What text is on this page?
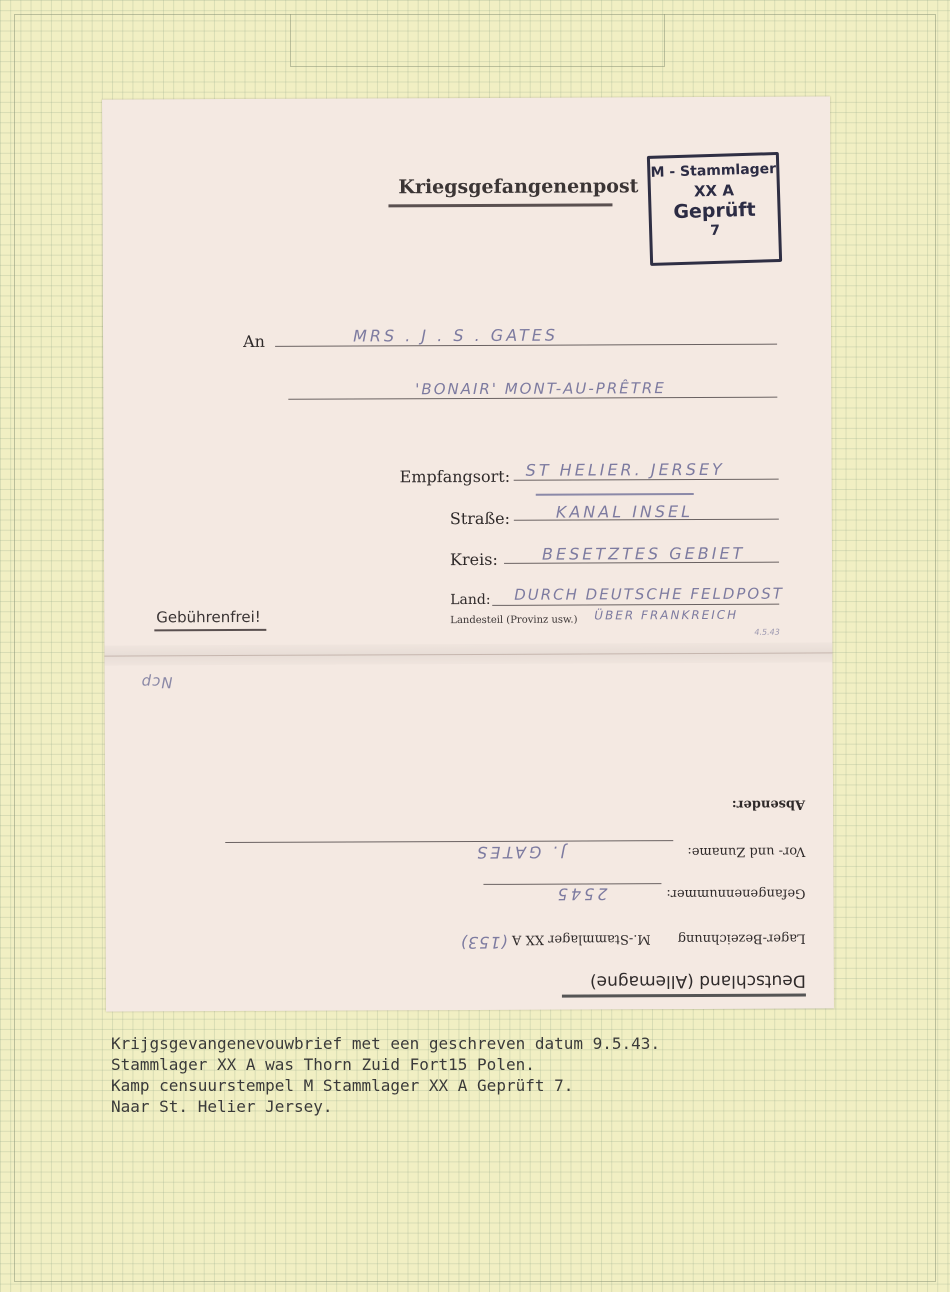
Kriegsgefangenenpost
M - Stammlager
XX A
Geprüft
7
An	MRS . J . S . GATES
'BONAIR' MONT-AU-PRÊTRE
Empfangsort: ST HELIER. JERSEY
Straße:	KANAL INSEL
Kreis:	BESETZTES GEBIET
Land: DURCH DEUTSCHE FELDPOST
Landesteil (Provinz usw.) ÜBER FRANKREICH
4.5.43
Gebührenfrei!
Ncp
Deutschland (Allemagne)
Lager-Bezeichnung
M.-Stammlager XX A
(153)
Gefangenennummer:
2545
Vor- und Zuname:
J. GATES
Absender:
Krijgsgevangenevouwbrief met een geschreven datum 9.5.43.
Stammlager XX A was Thorn Zuid Fort15 Polen.
Kamp censuurstempel M Stammlager XX A Geprüft 7.
Naar St. Helier Jersey.
